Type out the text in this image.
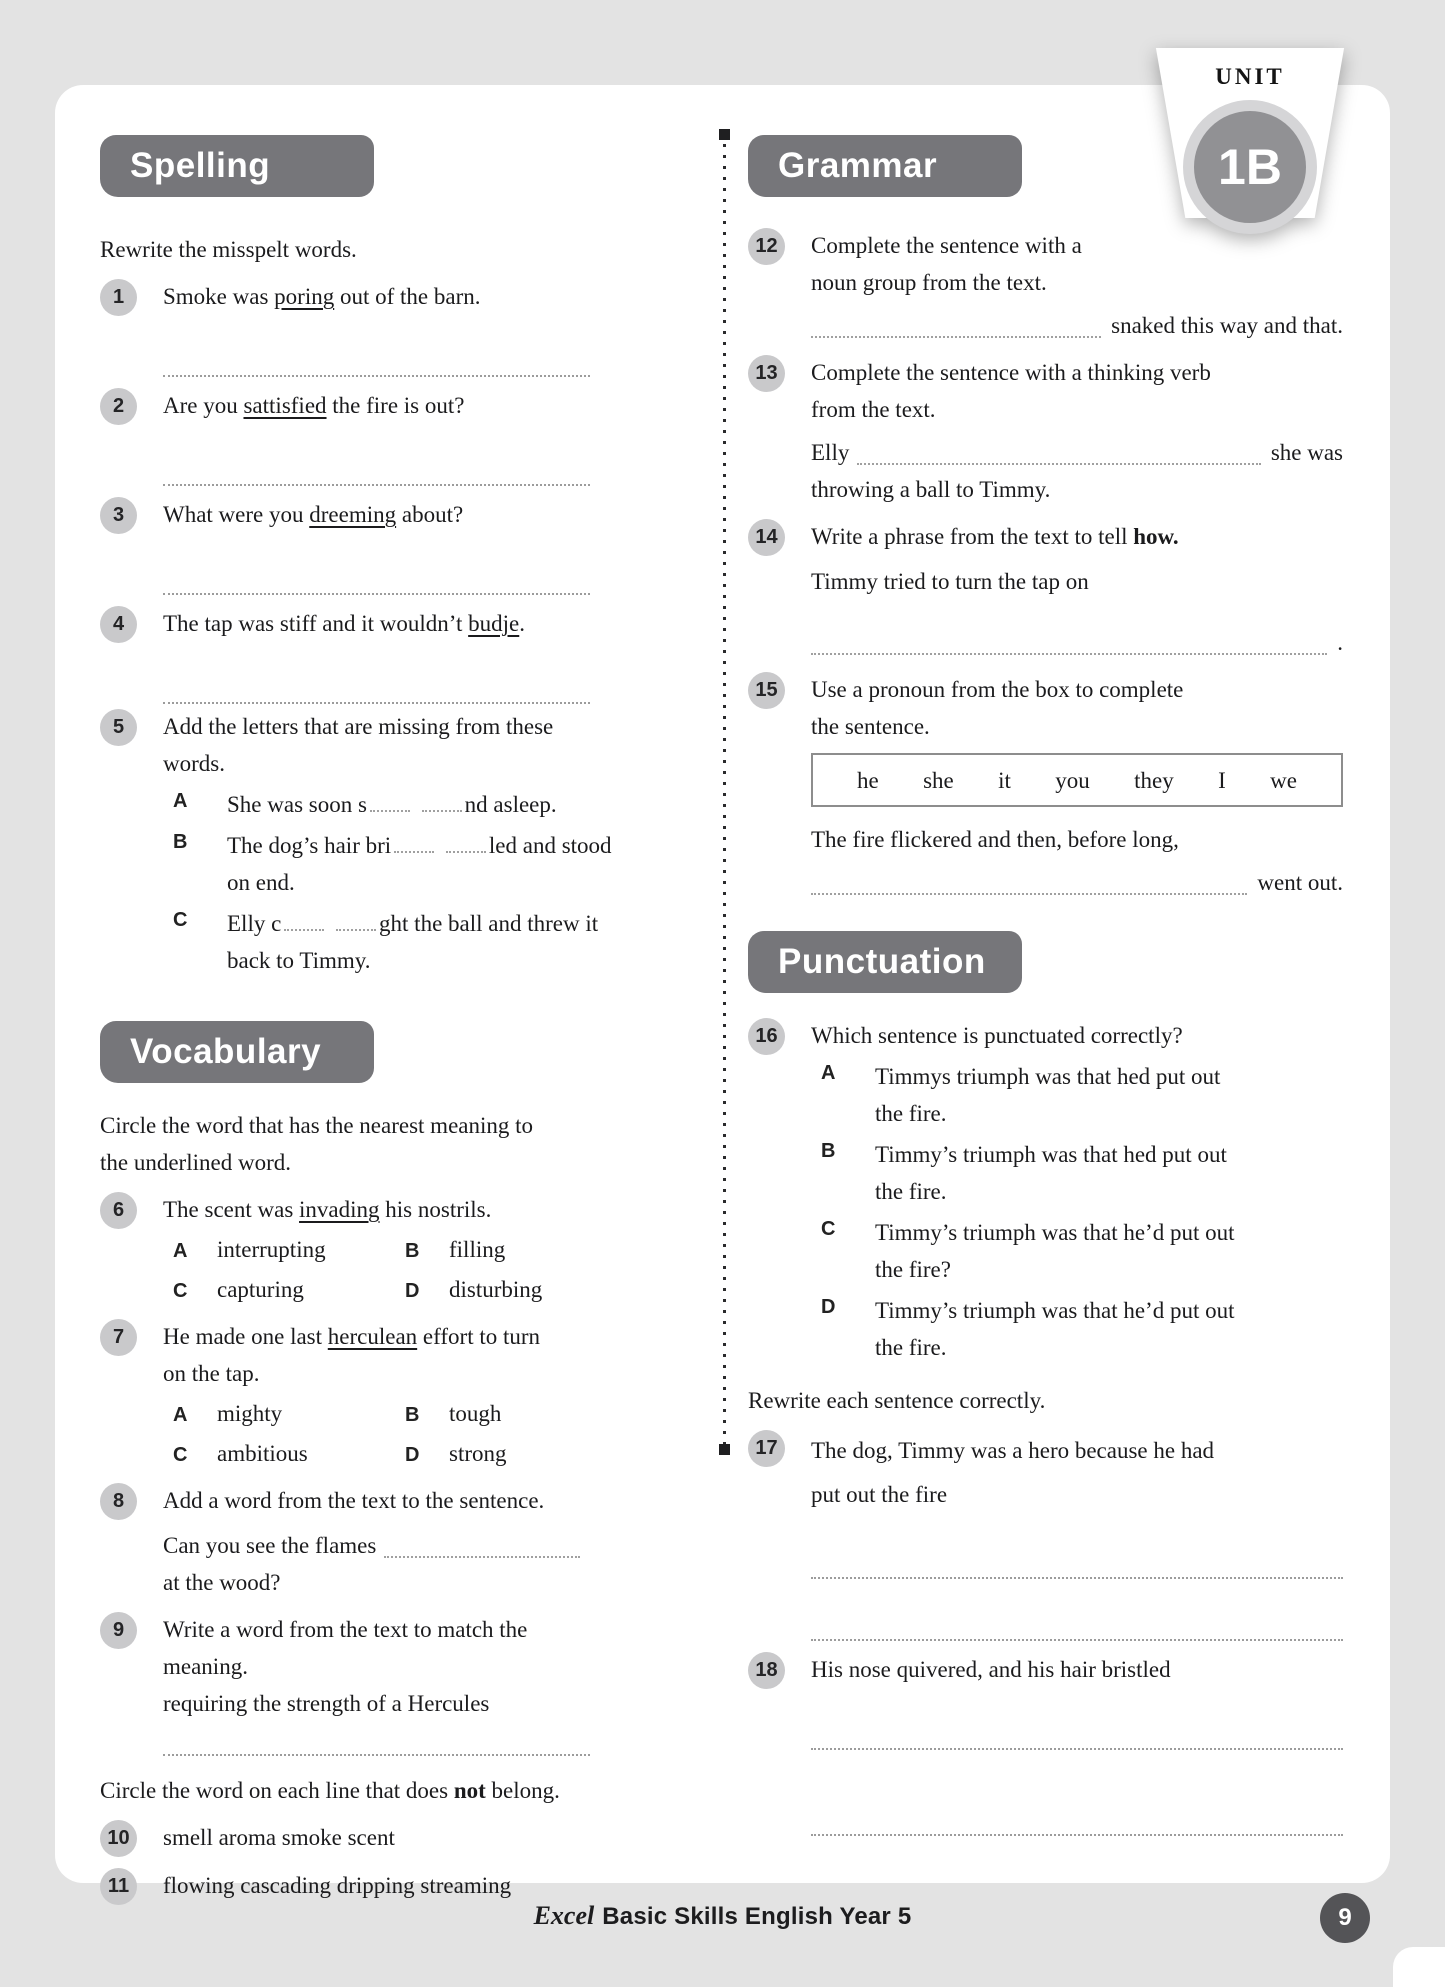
Spelling

Rewrite the misspelt words.

1	Smoke was poring out of the barn.

2	Are you sattisfied the fire is out?

3	What were you dreeming about?

4	The tap was stiff and it wouldn’t budje.

5	Add the letters that are missing from these
words.

A	She was soon s	nd asleep.

B	The dog’s hair bri	led and stood
on end.

C	Elly c	ght the ball and threw it
back to Timmy.

Vocabulary

Circle the word that has the nearest meaning to
the underlined word.

6	The scent was invading his nostrils.

A	interrupting	B	filling
C	capturing	D	disturbing
7	He made one last herculean effort to turn
on the tap.

A	mighty	B	tough
C	ambitious	D	strong
8	Add a word from the text to the sentence.

Can you see the flames

at the wood?

9	Write a word from the text to match the
meaning.

requiring the strength of a Hercules

Circle the word on each line that does not belong.

10	smell aroma smoke scent

11	flowing cascading dripping streaming

Grammar
12	Complete the sentence with a
noun group from the text.

snaked this way and that.

13	Complete the sentence with a thinking verb
from the text.

Elly	she was

throwing a ball to Timmy.

14	Write a phrase from the text to tell how.

Timmy tried to turn the tap on

.

15	Use a pronoun from the box to complete
the sentence.

he she it you they I we

The fire flickered and then, before long,

went out.

Punctuation
16	Which sentence is punctuated correctly?

A	Timmys triumph was that hed put out
the fire.

B	Timmy’s triumph was that hed put out
the fire.

C	Timmy’s triumph was that he’d put out
the fire?

D	Timmy’s triumph was that he’d put out
the fire.

Rewrite each sentence correctly.

17	The dog, Timmy was a hero because he had
put out the fire

18	His nose quivered, and his hair bristled

UNIT
1B
Excel Basic Skills English Year 5	9
